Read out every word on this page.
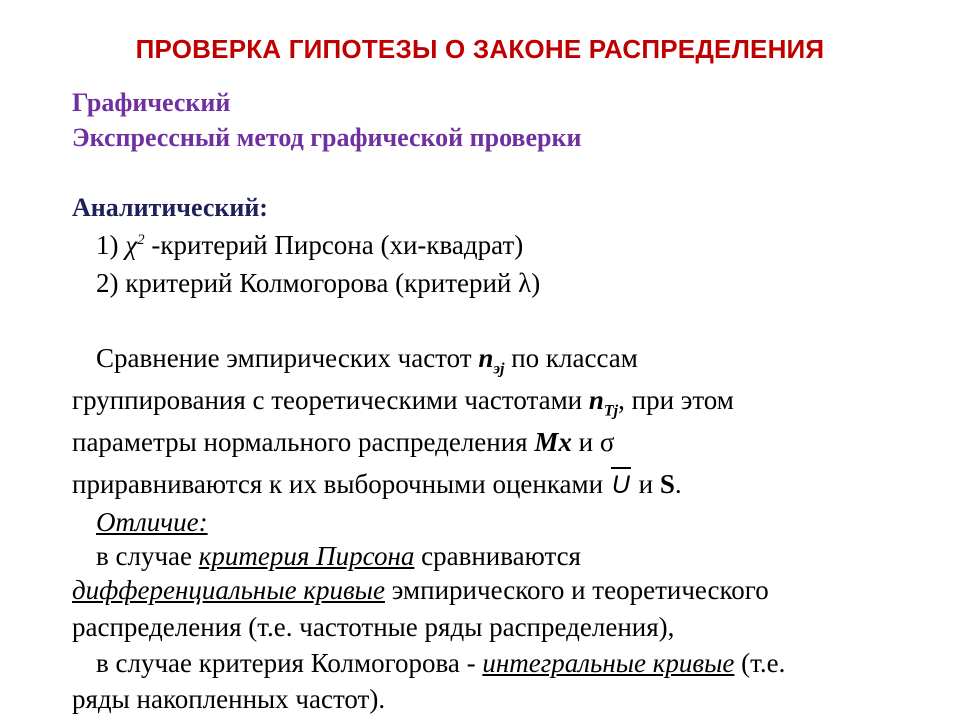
ПРОВЕРКА ГИПОТЕЗЫ О ЗАКОНЕ РАСПРЕДЕЛЕНИЯ
Графический
Экспрессный метод графической проверки
Аналитический:
1) $\chi^2$ -критерий Пирсона (хи-квадрат)
2) критерий Колмогорова (критерий λ)
Сравнение эмпирических частот $n_{эj}$ по классам
группирования с теоретическими частотами $n_{Tj}$, при этом
параметры нормального распределения Mx и σ
приравниваются к их выборочными оценками U и S.
Отличие:
в случае критерия Пирсона сравниваются
дифференциальные кривые эмпирического и теоретического
распределения (т.е. частотные ряды распределения),
в случае критерия Колмогорова - интегральные кривые (т.е.
ряды накопленных частот).
